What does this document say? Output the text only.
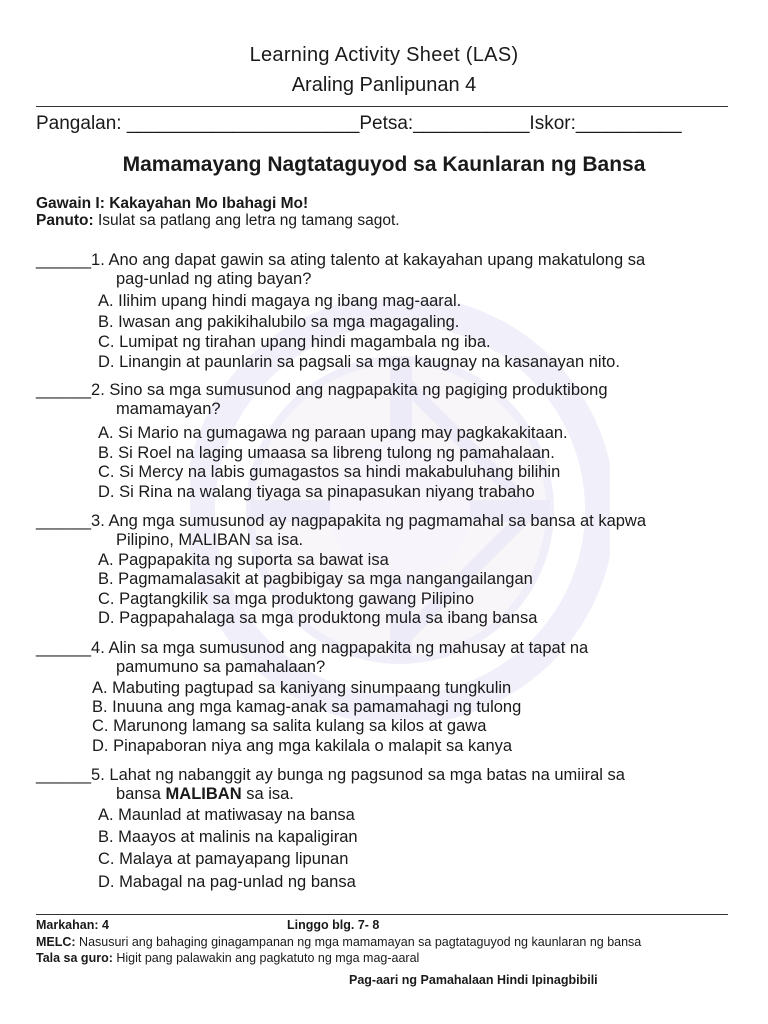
Learning Activity Sheet (LAS)
Araling Panlipunan 4
Pangalan: ______________________Petsa:___________Iskor:__________
Mamamayang Nagtataguyod sa Kaunlaran ng Bansa
Gawain I: Kakayahan Mo Ibahagi Mo!
Panuto: Isulat sa patlang ang letra ng tamang sagot.
______1. Ano ang dapat gawin sa ating talento at kakayahan upang makatulong sa
pag-unlad ng ating bayan?
A. Ilihim upang hindi magaya ng ibang mag-aaral.
B. Iwasan ang pakikihalubilo sa mga magagaling.
C. Lumipat ng tirahan upang hindi magambala ng iba.
D. Linangin at paunlarin sa pagsali sa mga kaugnay na kasanayan nito.
______2. Sino sa mga sumusunod ang nagpapakita ng pagiging produktibong
mamamayan?
A. Si Mario na gumagawa ng paraan upang may pagkakakitaan.
B. Si Roel na laging umaasa sa libreng tulong ng pamahalaan.
C. Si Mercy na labis gumagastos sa hindi makabuluhang bilihin
D. Si Rina na walang tiyaga sa pinapasukan niyang trabaho
______3. Ang mga sumusunod ay nagpapakita ng pagmamahal sa bansa at kapwa
Pilipino, MALIBAN sa isa.
A. Pagpapakita ng suporta sa bawat isa
B. Pagmamalasakit at pagbibigay sa mga nangangailangan
C. Pagtangkilik sa mga produktong gawang Pilipino
D. Pagpapahalaga sa mga produktong mula sa ibang bansa
______4. Alin sa mga sumusunod ang nagpapakita ng mahusay at tapat na
pamumuno sa pamahalaan?
A. Mabuting pagtupad sa kaniyang sinumpaang tungkulin
B. Inuuna ang mga kamag-anak sa pamamahagi ng tulong
C. Marunong lamang sa salita kulang sa kilos at gawa
D. Pinapaboran niya ang mga kakilala o malapit sa kanya
______5. Lahat ng nabanggit ay bunga ng pagsunod sa mga batas na umiiral sa
bansa MALIBAN sa isa.
A. Maunlad at matiwasay na bansa
B. Maayos at malinis na kapaligiran
C. Malaya at pamayapang lipunan
D. Mabagal na pag-unlad ng bansa
Markahan: 4	Linggo blg. 7- 8
MELC: Nasusuri ang bahaging ginagampanan ng mga mamamayan sa pagtataguyod ng kaunlaran ng bansa
Tala sa guro: Higit pang palawakin ang pagkatuto ng mga mag-aaral
Pag-aari ng Pamahalaan Hindi Ipinagbibili
